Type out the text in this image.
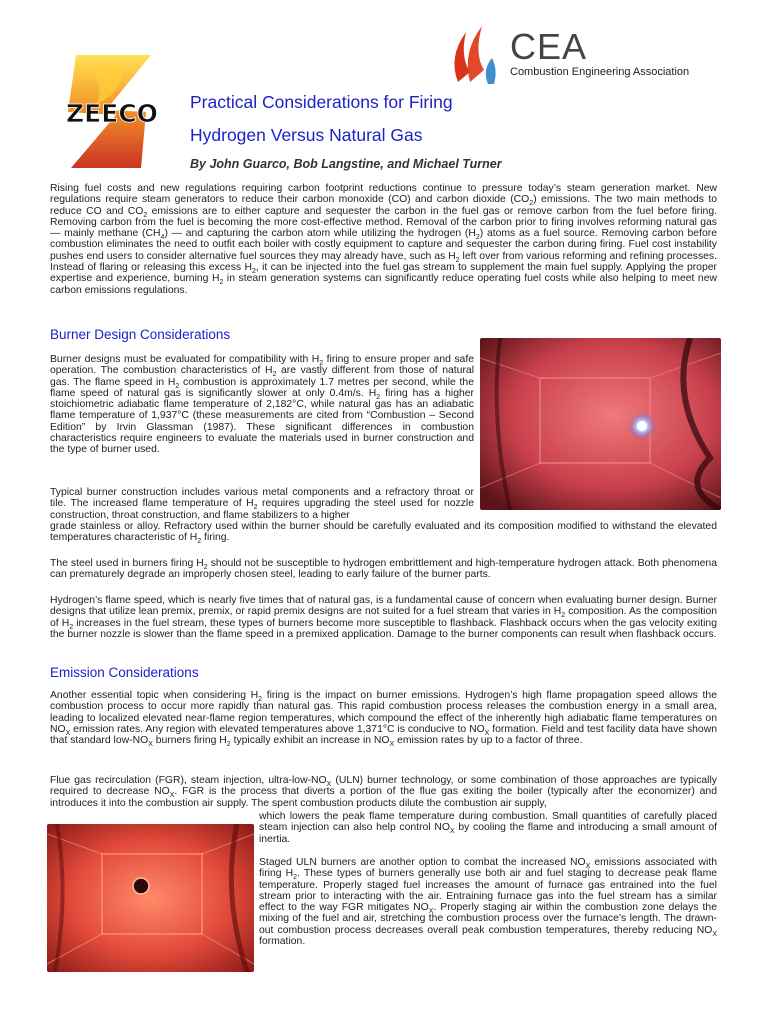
ZEECO
CEA
Combustion Engineering Association
Practical Considerations for Firing
Hydrogen Versus Natural Gas
By John Guarco, Bob Langstine, and Michael Turner

Rising fuel costs and new regulations requiring carbon footprint reductions continue to pressure today’s steam generation market. New regulations require steam generators to reduce their carbon monoxide (CO) and carbon dioxide $(CO_2)$ emissions. The two main methods to reduce CO and $CO_2$ emissions are to either capture and sequester the carbon in the fuel gas or remove carbon from the fuel before firing. Removing carbon from the fuel is becoming the more cost-effective method. Removal of the carbon prior to firing involves reforming natural gas — mainly methane $(CH_4)$ — and capturing the carbon atom while utilizing the hydrogen $(H_2)$ atoms as a fuel source. Removing carbon before combustion eliminates the need to outfit each boiler with costly equipment to capture and sequester the carbon during firing. Fuel cost instability pushes end users to consider alternative fuel sources they may already have, such as $H_2$ left over from various reforming and refining processes. Instead of flaring or releasing this excess $H_2$, it can be injected into the fuel gas stream to supplement the main fuel supply. Applying the proper expertise and experience, burning $H_2$ in steam generation systems can significantly reduce operating fuel costs while also helping to meet new carbon emissions regulations.

Burner Design Considerations

Burner designs must be evaluated for compatibility with $H_2$ firing to ensure proper and safe operation. The combustion characteristics of $H_2$ are vastly different from those of natural gas. The flame speed in $H_2$ combustion is approximately 1.7 metres per second, while the flame speed of natural gas is significantly slower at only 0.4m/s. $H_2$ firing has a higher stoichiometric adiabatic flame temperature of 2,182°C, while natural gas has an adiabatic flame temperature of 1,937°C (these measurements are cited from “Combustion – Second Edition” by Irvin Glassman (1987). These significant differences in combustion characteristics require engineers to evaluate the materials used in burner construction and the type of burner used.

Typical burner construction includes various metal components and a refractory throat or tile. The increased flame temperature of $H_2$ requires upgrading the steel used for nozzle construction, throat construction, and flame stabilizers to a higher

grade stainless or alloy. Refractory used within the burner should be carefully evaluated and its composition modified to withstand the elevated temperatures characteristic of $H_2$ firing.

The steel used in burners firing $H_2$ should not be susceptible to hydrogen embrittlement and high-temperature hydrogen attack. Both phenomena can prematurely degrade an improperly chosen steel, leading to early failure of the burner parts.

Hydrogen’s flame speed, which is nearly five times that of natural gas, is a fundamental cause of concern when evaluating burner design. Burner designs that utilize lean premix, premix, or rapid premix designs are not suited for a fuel stream that varies in $H_2$ composition. As the composition of $H_2$ increases in the fuel stream, these types of burners become more susceptible to flashback. Flashback occurs when the gas velocity exiting the burner nozzle is slower than the flame speed in a premixed application. Damage to the burner components can result when flashback occurs.

Emission Considerations

Another essential topic when considering $H_2$ firing is the impact on burner emissions. Hydrogen’s high flame propagation speed allows the combustion process to occur more rapidly than natural gas. This rapid combustion process releases the combustion energy in a small area, leading to localized elevated near-flame region temperatures, which compound the effect of the inherently high adiabatic flame temperatures on $NO_X$ emission rates. Any region with elevated temperatures above 1,371°C is conducive to $NO_X$ formation. Field and test facility data have shown that standard low-$NO_X$ burners firing $H_2$ typically exhibit an increase in $NO_X$ emission rates by up to a factor of three.

Flue gas recirculation (FGR), steam injection, ultra-$low-NO_X$ (ULN) burner technology, or some combination of those approaches are typically required to decrease $NO_X$. FGR is the process that diverts a portion of the flue gas exiting the boiler (typically after the economizer) and introduces it into the combustion air supply. The spent combustion products dilute the combustion air supply,

which lowers the peak flame temperature during combustion. Small quantities of carefully placed steam injection can also help control $NO_X$ by cooling the flame and introducing a small amount of inertia.

Staged ULN burners are another option to combat the increased $NO_X$ emissions associated with firing $H_2$. These types of burners generally use both air and fuel staging to decrease peak flame temperature. Properly staged fuel increases the amount of furnace gas entrained into the fuel stream prior to interacting with the air. Entraining furnace gas into the fuel stream has a similar effect to the way FGR mitigates $NO_X$. Properly staging air within the combustion zone delays the mixing of the fuel and air, stretching the combustion process over the furnace’s length. The drawn-out combustion process decreases overall peak combustion temperatures, thereby reducing $NO_X$ formation.
